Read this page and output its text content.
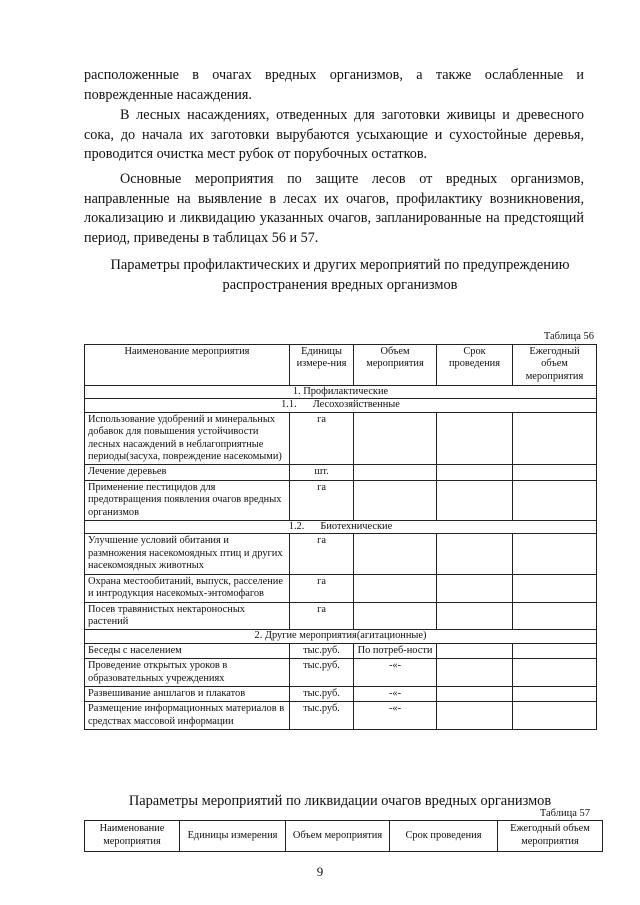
расположенные в очагах вредных организмов, а также ослабленные и поврежденные насаждения.

В лесных насаждениях, отведенных для заготовки живицы и древесного сока, до начала их заготовки вырубаются усыхающие и сухостойные деревья, проводится очистка мест рубок от порубочных остатков.

Основные мероприятия по защите лесов от вредных организмов, направленные на выявление в лесах их очагов, профилактику возникновения, локализацию и ликвидацию указанных очагов, запланированные на предстоящий период, приведены в таблицах 56 и 57.

Параметры профилактических и других мероприятий по предупреждению распространения вредных организмов

Таблица 56
Наименование мероприятия	Единицы измере-ния	Объем мероприятия	Срок проведения	Ежегодный объем мероприятия
1. Профилактические				
1.1. Лесохозяйственные				
Использование удобрений и минеральных добавок для повышения устойчивости лесных насаждений в неблагоприятные периоды(засуха, повреждение насекомыми)	га			
Лечение деревьев	шт.			
Применение пестицидов для предотвращения появления очагов вредных организмов	га			
1.2. Биотехнические				
Улучшение условий обитания и размножения насекомоядных птиц и других насекомоядных животных	га			
Охрана местообитаний, выпуск, расселение и интродукция насекомых-энтомофагов	га			
Посев травянистых нектароносных растений	га			
2. Другие мероприятия(агитационные)				
Беседы с населением	тыс.руб.	По потреб-ности		
Проведение открытых уроков в образовательных учреждениях	тыс.руб.	-«-		
Развешивание аншлагов и плакатов	тыс.руб.	-«-		
Размещение информационных материалов в средствах массовой информации	тыс.руб.	-«-		

Параметры мероприятий по ликвидации очагов вредных организмов

Таблица 57
Наименование мероприятия	Единицы измерения	Объем мероприятия	Срок проведения	Ежегодный объем мероприятия
9
